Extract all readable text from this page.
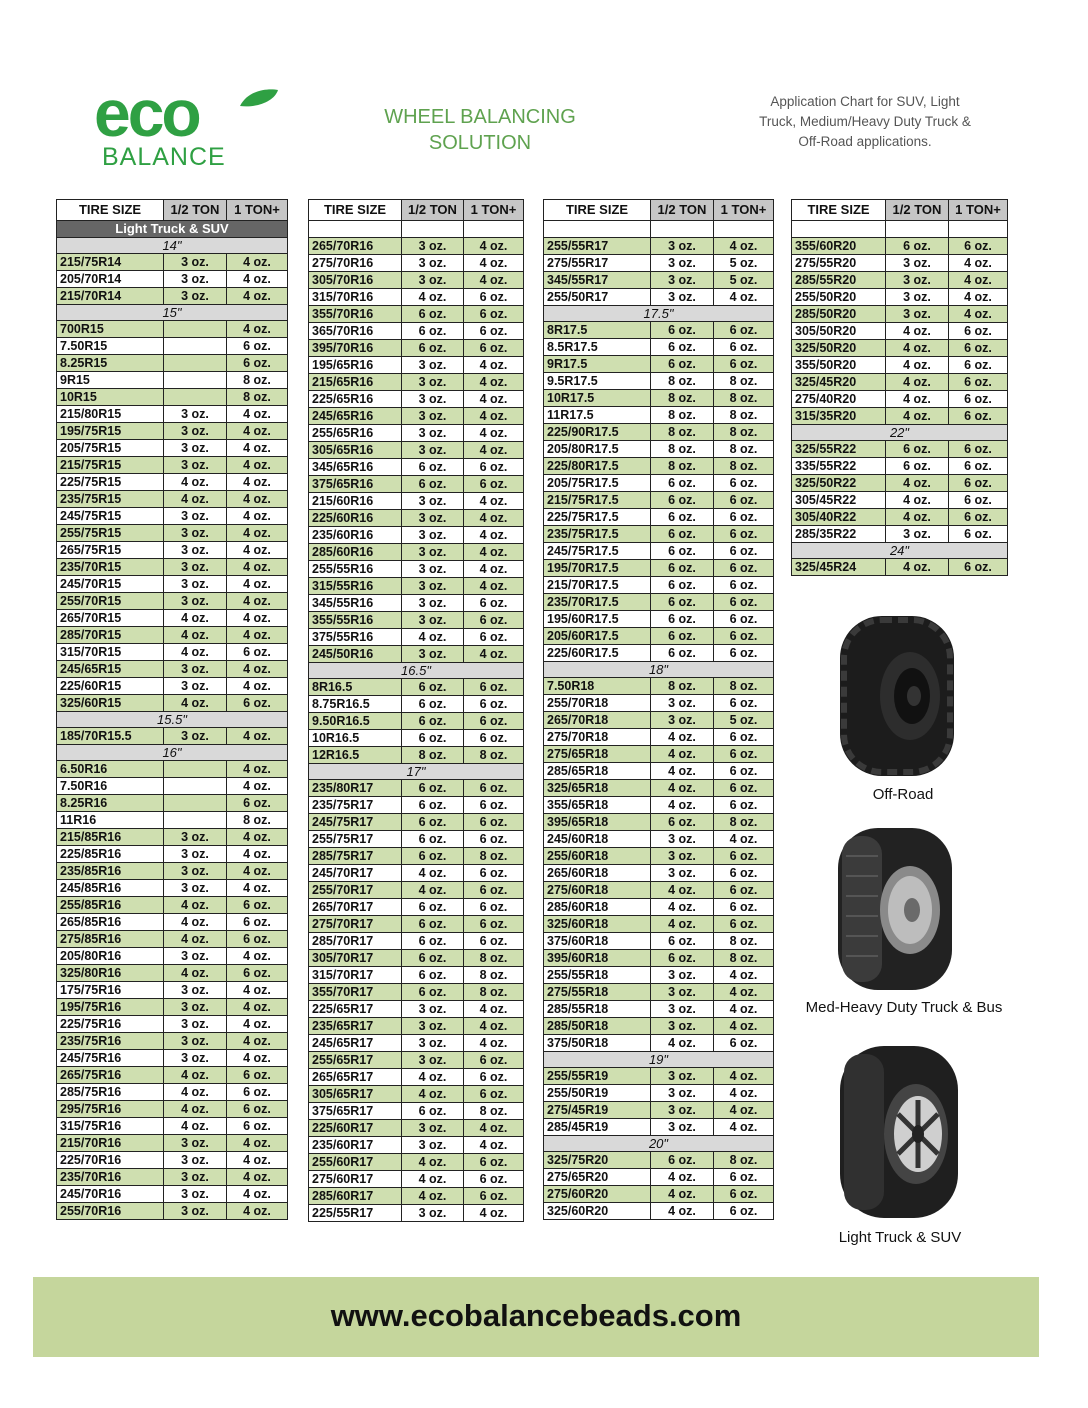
eco
BALANCE
WHEEL BALANCING
SOLUTION
Application Chart for SUV, Light
Truck, Medium/Heavy Duty Truck &
Off-Road applications.
TIRE SIZE	1/2 TON	1 TON+
Light Truck & SUV		
14"		
215/75R14	3 oz.	4 oz.
205/70R14	3 oz.	4 oz.
215/70R14	3 oz.	4 oz.
15"		
700R15		4 oz.
7.50R15		6 oz.
8.25R15		6 oz.
9R15		8 oz.
10R15		8 oz.
215/80R15	3 oz.	4 oz.
195/75R15	3 oz.	4 oz.
205/75R15	3 oz.	4 oz.
215/75R15	3 oz.	4 oz.
225/75R15	4 oz.	4 oz.
235/75R15	4 oz.	4 oz.
245/75R15	3 oz.	4 oz.
255/75R15	3 oz.	4 oz.
265/75R15	3 oz.	4 oz.
235/70R15	3 oz.	4 oz.
245/70R15	3 oz.	4 oz.
255/70R15	3 oz.	4 oz.
265/70R15	4 oz.	4 oz.
285/70R15	4 oz.	4 oz.
315/70R15	4 oz.	6 oz.
245/65R15	3 oz.	4 oz.
225/60R15	3 oz.	4 oz.
325/60R15	4 oz.	6 oz.
15.5"		
185/70R15.5	3 oz.	4 oz.
16"		
6.50R16		4 oz.
7.50R16		4 oz.
8.25R16		6 oz.
11R16		8 oz.
215/85R16	3 oz.	4 oz.
225/85R16	3 oz.	4 oz.
235/85R16	3 oz.	4 oz.
245/85R16	3 oz.	4 oz.
255/85R16	4 oz.	6 oz.
265/85R16	4 oz.	6 oz.
275/85R16	4 oz.	6 oz.
205/80R16	3 oz.	4 oz.
325/80R16	4 oz.	6 oz.
175/75R16	3 oz.	4 oz.
195/75R16	3 oz.	4 oz.
225/75R16	3 oz.	4 oz.
235/75R16	3 oz.	4 oz.
245/75R16	3 oz.	4 oz.
265/75R16	4 oz.	6 oz.
285/75R16	4 oz.	6 oz.
295/75R16	4 oz.	6 oz.
315/75R16	4 oz.	6 oz.
215/70R16	3 oz.	4 oz.
225/70R16	3 oz.	4 oz.
235/70R16	3 oz.	4 oz.
245/70R16	3 oz.	4 oz.
255/70R16	3 oz.	4 oz.
TIRE SIZE	1/2 TON	1 TON+

265/70R16	3 oz.	4 oz.
275/70R16	3 oz.	4 oz.
305/70R16	3 oz.	4 oz.
315/70R16	4 oz.	6 oz.
355/70R16	6 oz.	6 oz.
365/70R16	6 oz.	6 oz.
395/70R16	6 oz.	6 oz.
195/65R16	3 oz.	4 oz.
215/65R16	3 oz.	4 oz.
225/65R16	3 oz.	4 oz.
245/65R16	3 oz.	4 oz.
255/65R16	3 oz.	4 oz.
305/65R16	3 oz.	4 oz.
345/65R16	6 oz.	6 oz.
375/65R16	6 oz.	6 oz.
215/60R16	3 oz.	4 oz.
225/60R16	3 oz.	4 oz.
235/60R16	3 oz.	4 oz.
285/60R16	3 oz.	4 oz.
255/55R16	3 oz.	4 oz.
315/55R16	3 oz.	4 oz.
345/55R16	3 oz.	6 oz.
355/55R16	3 oz.	6 oz.
375/55R16	4 oz.	6 oz.
245/50R16	3 oz.	4 oz.
16.5"		
8R16.5	6 oz.	6 oz.
8.75R16.5	6 oz.	6 oz.
9.50R16.5	6 oz.	6 oz.
10R16.5	6 oz.	6 oz.
12R16.5	8 oz.	8 oz.
17"		
235/80R17	6 oz.	6 oz.
235/75R17	6 oz.	6 oz.
245/75R17	6 oz.	6 oz.
255/75R17	6 oz.	6 oz.
285/75R17	6 oz.	8 oz.
245/70R17	4 oz.	6 oz.
255/70R17	4 oz.	6 oz.
265/70R17	6 oz.	6 oz.
275/70R17	6 oz.	6 oz.
285/70R17	6 oz.	6 oz.
305/70R17	6 oz.	8 oz.
315/70R17	6 oz.	8 oz.
355/70R17	6 oz.	8 oz.
225/65R17	3 oz.	4 oz.
235/65R17	3 oz.	4 oz.
245/65R17	3 oz.	4 oz.
255/65R17	3 oz.	6 oz.
265/65R17	4 oz.	6 oz.
305/65R17	4 oz.	6 oz.
375/65R17	6 oz.	8 oz.
225/60R17	3 oz.	4 oz.
235/60R17	3 oz.	4 oz.
255/60R17	4 oz.	6 oz.
275/60R17	4 oz.	6 oz.
285/60R17	4 oz.	6 oz.
225/55R17	3 oz.	4 oz.
TIRE SIZE	1/2 TON	1 TON+

255/55R17	3 oz.	4 oz.
275/55R17	3 oz.	5 oz.
345/55R17	3 oz.	5 oz.
255/50R17	3 oz.	4 oz.
17.5"		
8R17.5	6 oz.	6 oz.
8.5R17.5	6 oz.	6 oz.
9R17.5	6 oz.	6 oz.
9.5R17.5	8 oz.	8 oz.
10R17.5	8 oz.	8 oz.
11R17.5	8 oz.	8 oz.
225/90R17.5	8 oz.	8 oz.
205/80R17.5	8 oz.	8 oz.
225/80R17.5	8 oz.	8 oz.
205/75R17.5	6 oz.	6 oz.
215/75R17.5	6 oz.	6 oz.
225/75R17.5	6 oz.	6 oz.
235/75R17.5	6 oz.	6 oz.
245/75R17.5	6 oz.	6 oz.
195/70R17.5	6 oz.	6 oz.
215/70R17.5	6 oz.	6 oz.
235/70R17.5	6 oz.	6 oz.
195/60R17.5	6 oz.	6 oz.
205/60R17.5	6 oz.	6 oz.
225/60R17.5	6 oz.	6 oz.
18"		
7.50R18	8 oz.	8 oz.
255/70R18	3 oz.	6 oz.
265/70R18	3 oz.	5 oz.
275/70R18	4 oz.	6 oz.
275/65R18	4 oz.	6 oz.
285/65R18	4 oz.	6 oz.
325/65R18	4 oz.	6 oz.
355/65R18	4 oz.	6 oz.
395/65R18	6 oz.	8 oz.
245/60R18	3 oz.	4 oz.
255/60R18	3 oz.	6 oz.
265/60R18	3 oz.	6 oz.
275/60R18	4 oz.	6 oz.
285/60R18	4 oz.	6 oz.
325/60R18	4 oz.	6 oz.
375/60R18	6 oz.	8 oz.
395/60R18	6 oz.	8 oz.
255/55R18	3 oz.	4 oz.
275/55R18	3 oz.	4 oz.
285/55R18	3 oz.	4 oz.
285/50R18	3 oz.	4 oz.
375/50R18	4 oz.	6 oz.
19"		
255/55R19	3 oz.	4 oz.
255/50R19	3 oz.	4 oz.
275/45R19	3 oz.	4 oz.
285/45R19	3 oz.	4 oz.
20"		
325/75R20	6 oz.	8 oz.
275/65R20	4 oz.	6 oz.
275/60R20	4 oz.	6 oz.
325/60R20	4 oz.	6 oz.
TIRE SIZE	1/2 TON	1 TON+

355/60R20	6 oz.	6 oz.
275/55R20	3 oz.	4 oz.
285/55R20	3 oz.	4 oz.
255/50R20	3 oz.	4 oz.
285/50R20	3 oz.	4 oz.
305/50R20	4 oz.	6 oz.
325/50R20	4 oz.	6 oz.
355/50R20	4 oz.	6 oz.
325/45R20	4 oz.	6 oz.
275/40R20	4 oz.	6 oz.
315/35R20	4 oz.	6 oz.
22"		
325/55R22	6 oz.	6 oz.
335/55R22	6 oz.	6 oz.
325/50R22	4 oz.	6 oz.
305/45R22	4 oz.	6 oz.
305/40R22	4 oz.	6 oz.
285/35R22	3 oz.	6 oz.
24"		
325/45R24	4 oz.	6 oz.
Off-Road
Med-Heavy Duty Truck & Bus
Light Truck & SUV
www.ecobalancebeads.com
